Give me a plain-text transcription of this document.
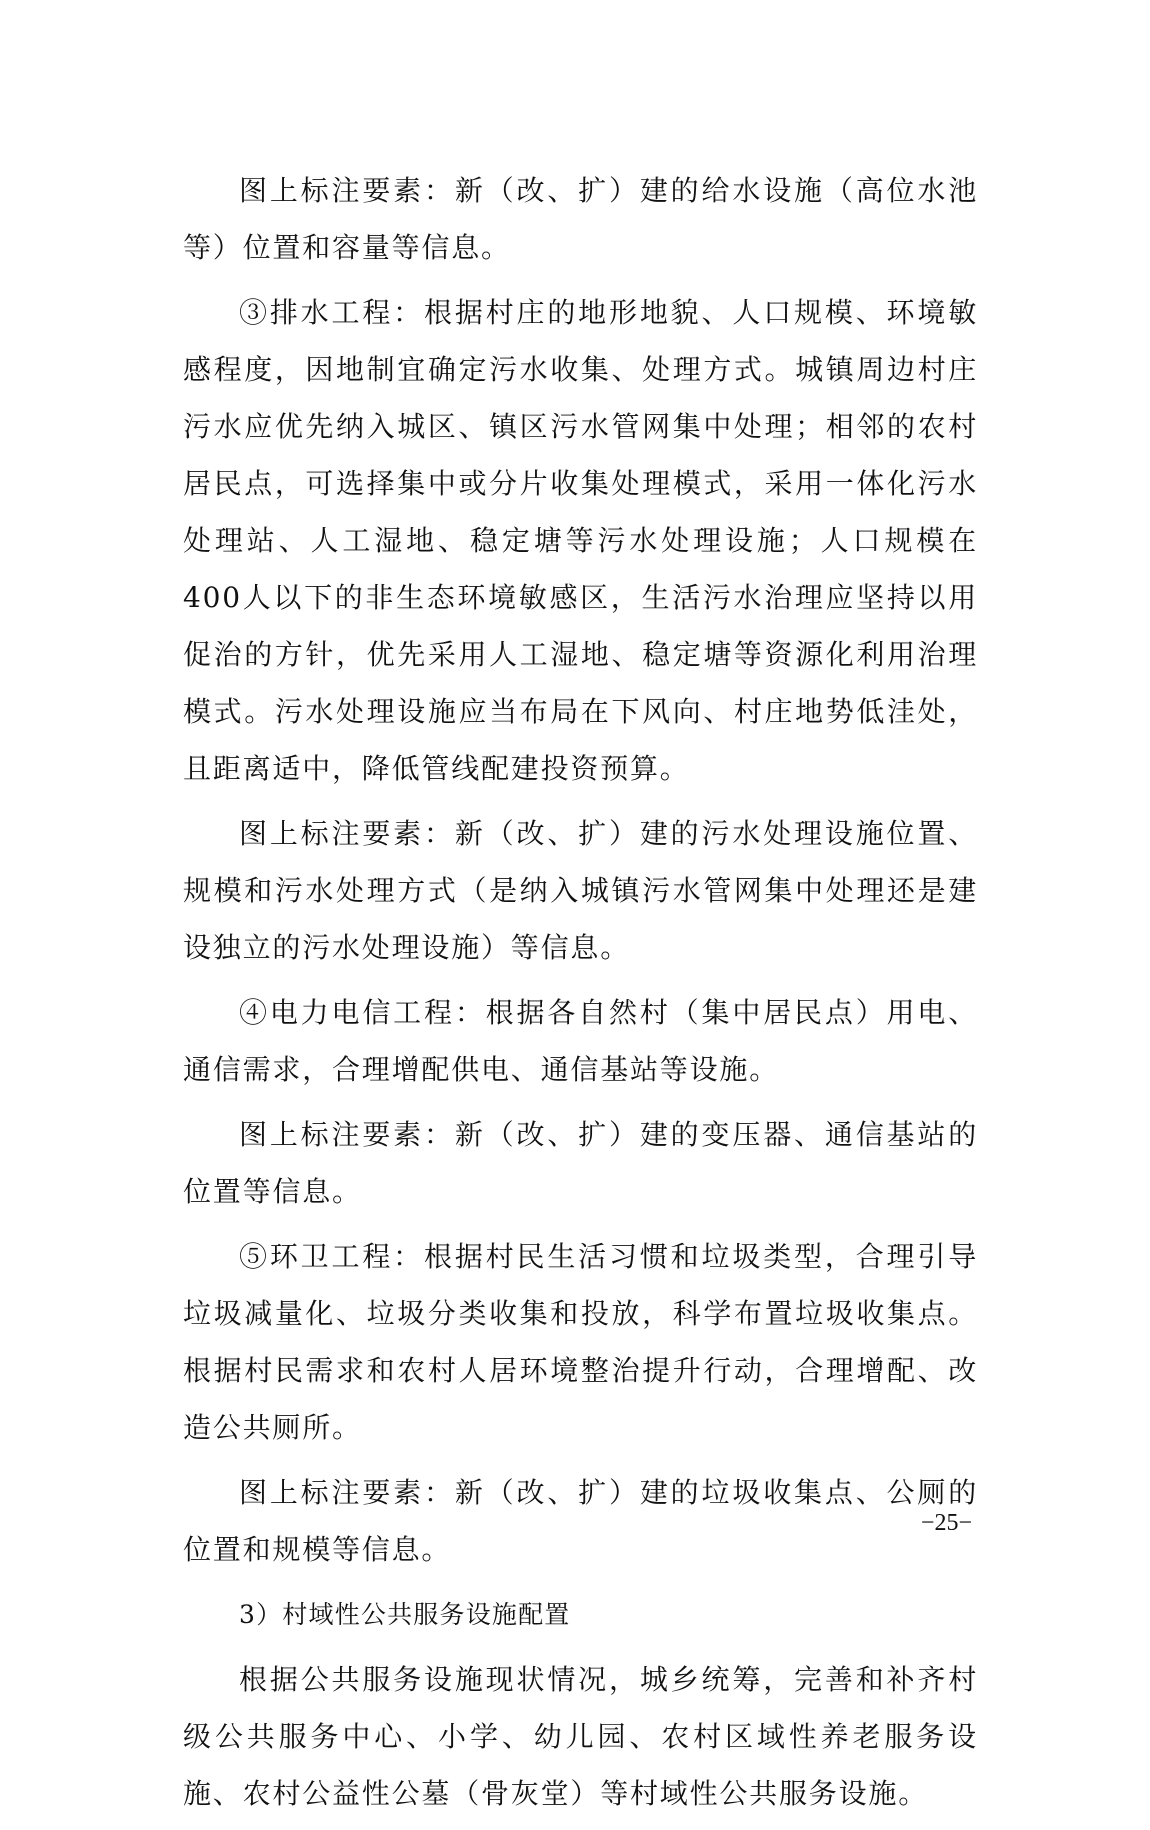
图上标注要素：新（改、扩）建的给水设施（高位水池等）位置和容量等信息。

③排水工程：根据村庄的地形地貌、人口规模、环境敏感程度，因地制宜确定污水收集、处理方式。城镇周边村庄污水应优先纳入城区、镇区污水管网集中处理；相邻的农村居民点，可选择集中或分片收集处理模式，采用一体化污水处理站、人工湿地、稳定塘等污水处理设施；人口规模在400人以下的非生态环境敏感区，生活污水治理应坚持以用促治的方针，优先采用人工湿地、稳定塘等资源化利用治理模式。污水处理设施应当布局在下风向、村庄地势低洼处，且距离适中，降低管线配建投资预算。

图上标注要素：新（改、扩）建的污水处理设施位置、规模和污水处理方式（是纳入城镇污水管网集中处理还是建设独立的污水处理设施）等信息。

④电力电信工程：根据各自然村（集中居民点）用电、通信需求，合理增配供电、通信基站等设施。

图上标注要素：新（改、扩）建的变压器、通信基站的位置等信息。

⑤环卫工程：根据村民生活习惯和垃圾类型，合理引导垃圾减量化、垃圾分类收集和投放，科学布置垃圾收集点。根据村民需求和农村人居环境整治提升行动，合理增配、改造公共厕所。

图上标注要素：新（改、扩）建的垃圾收集点、公厕的位置和规模等信息。

3）村域性公共服务设施配置

根据公共服务设施现状情况，城乡统筹，完善和补齐村级公共服务中心、小学、幼儿园、农村区域性养老服务设施、农村公益性公墓（骨灰堂）等村域性公共服务设施。

−25−
